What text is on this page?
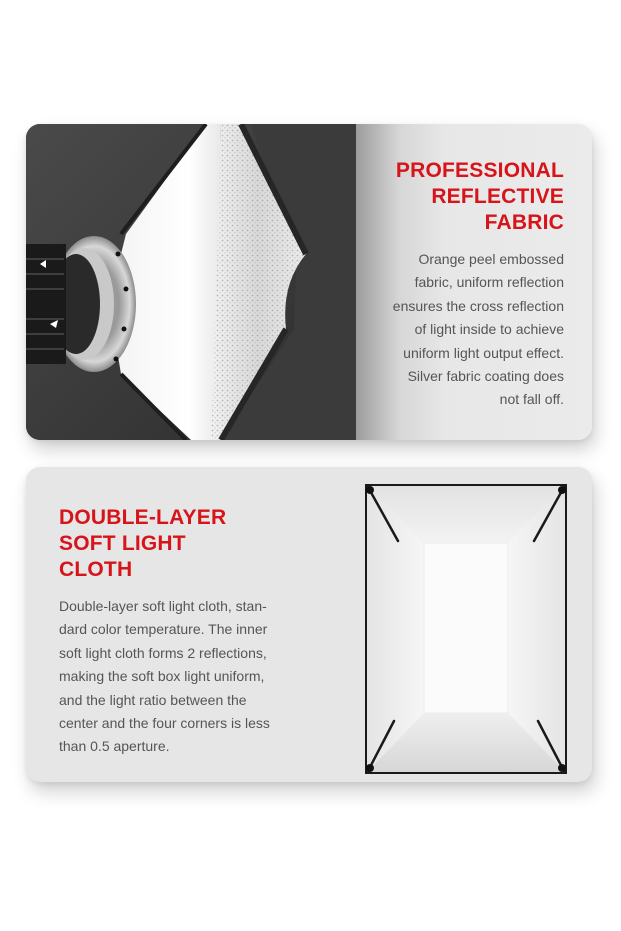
PROFESSIONAL
REFLECTIVE
FABRIC

Orange peel embossed
fabric, uniform reflection
ensures the cross reflection
of light inside to achieve
uniform light output effect.
Silver fabric coating does
not fall off.

DOUBLE-LAYER
SOFT LIGHT
CLOTH

Double-layer soft light cloth, stan-
dard color temperature. The inner
soft light cloth forms 2 reflections,
making the soft box light uniform,
and the light ratio between the
center and the four corners is less
than 0.5 aperture.
